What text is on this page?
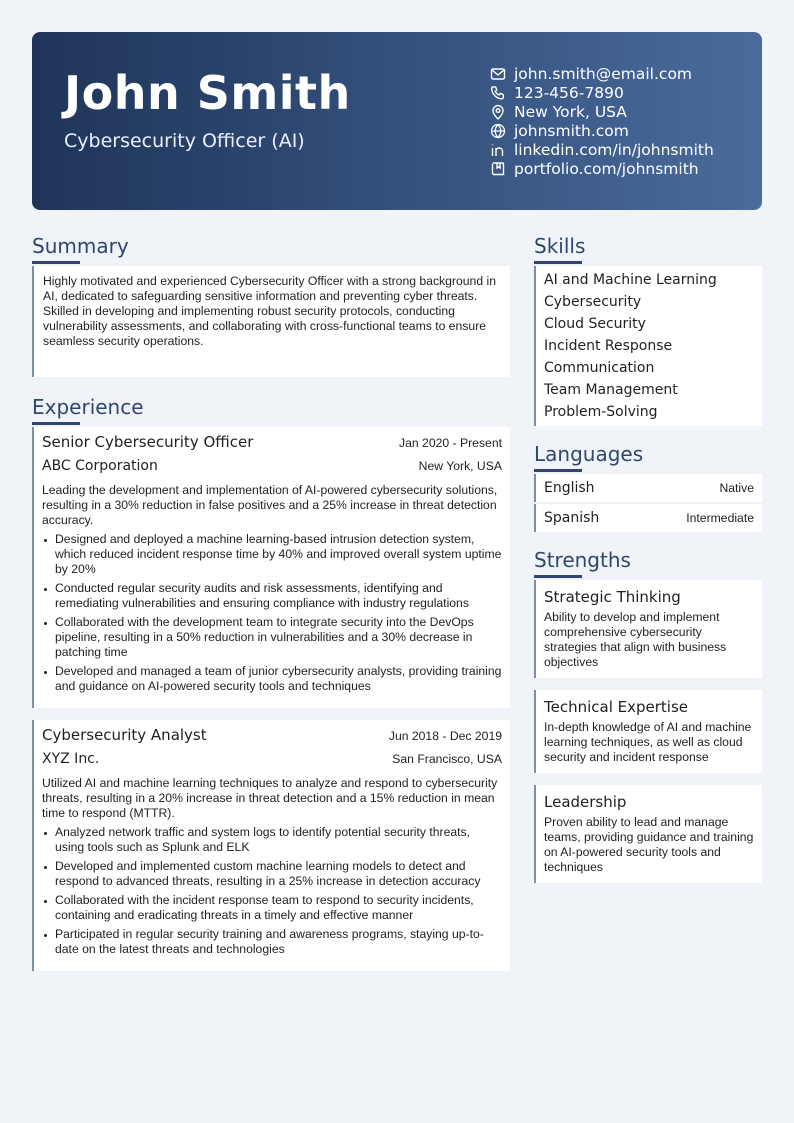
John Smith
Cybersecurity Officer (AI)
john.smith@email.com
123-456-7890
New York, USA
johnsmith.com
linkedin.com/in/johnsmith
portfolio.com/johnsmith
Summary
Highly motivated and experienced Cybersecurity Officer with a strong background in AI, dedicated to safeguarding sensitive information and preventing cyber threats. Skilled in developing and implementing robust security protocols, conducting vulnerability assessments, and collaborating with cross-functional teams to ensure seamless security operations.
Experience
Senior Cybersecurity Officer	Jan 2020 - Present
ABC Corporation	New York, USA
Leading the development and implementation of AI-powered cybersecurity solutions, resulting in a 30% reduction in false positives and a 25% increase in threat detection accuracy.
Designed and deployed a machine learning-based intrusion detection system, which reduced incident response time by 40% and improved overall system uptime by 20%
Conducted regular security audits and risk assessments, identifying and remediating vulnerabilities and ensuring compliance with industry regulations
Collaborated with the development team to integrate security into the DevOps pipeline, resulting in a 50% reduction in vulnerabilities and a 30% decrease in patching time
Developed and managed a team of junior cybersecurity analysts, providing training and guidance on AI-powered security tools and techniques
Cybersecurity Analyst	Jun 2018 - Dec 2019
XYZ Inc.	San Francisco, USA
Utilized AI and machine learning techniques to analyze and respond to cybersecurity threats, resulting in a 20% increase in threat detection and a 15% reduction in mean time to respond (MTTR).
Analyzed network traffic and system logs to identify potential security threats, using tools such as Splunk and ELK
Developed and implemented custom machine learning models to detect and respond to advanced threats, resulting in a 25% increase in detection accuracy
Collaborated with the incident response team to respond to security incidents, containing and eradicating threats in a timely and effective manner
Participated in regular security training and awareness programs, staying up-to-date on the latest threats and technologies
Skills
AI and Machine Learning
Cybersecurity
Cloud Security
Incident Response
Communication
Team Management
Problem-Solving
Languages
English	Native
Spanish	Intermediate
Strengths
Strategic Thinking
Ability to develop and implement comprehensive cybersecurity strategies that align with business objectives
Technical Expertise
In-depth knowledge of AI and machine learning techniques, as well as cloud security and incident response
Leadership
Proven ability to lead and manage teams, providing guidance and training on AI-powered security tools and techniques
